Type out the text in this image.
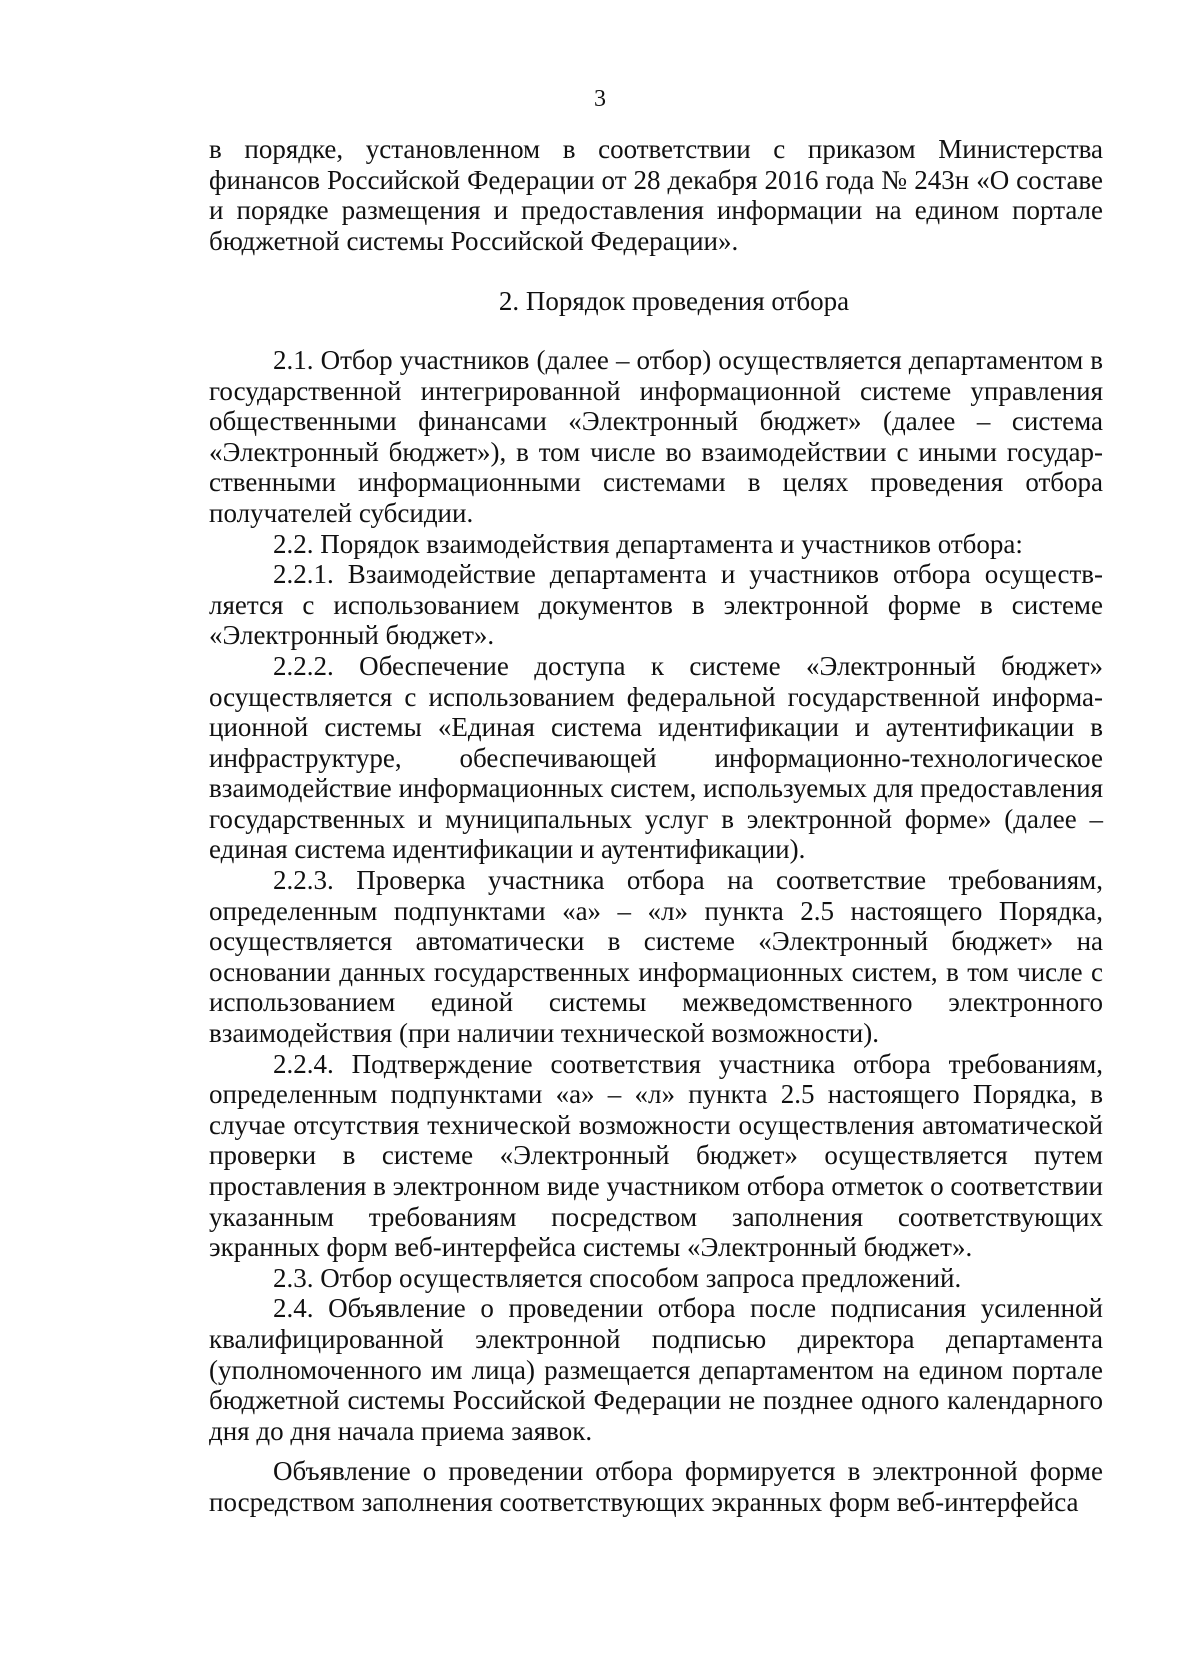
3

в порядке, установленном в соответствии с приказом Министерства финансов Российской Федерации от 28 декабря 2016 года № 243н «О составе и порядке размещения и предоставления информации на едином портале бюджетной системы Российской Федерации».

2. Порядок проведения отбора

2.1. Отбор участников (далее – отбор) осуществляется департаментом в государственной интегрированной информационной системе управления общественными финансами «Электронный бюджет» (далее – система «Электронный бюджет»), в том числе во взаимодействии с иными государственными информационными системами в целях проведения отбора получателей субсидии.

2.2. Порядок взаимодействия департамента и участников отбора:

2.2.1. Взаимодействие департамента и участников отбора осуществляется с использованием документов в электронной форме в системе «Электронный бюджет».

2.2.2. Обеспечение доступа к системе «Электронный бюджет» осуществляется с использованием федеральной государственной информационной системы «Единая система идентификации и аутентификации в инфраструктуре, обеспечивающей информационно-технологическое взаимодействие информационных систем, используемых для предоставления государственных и муниципальных услуг в электронной форме» (далее – единая система идентификации и аутентификации).

2.2.3. Проверка участника отбора на соответствие требованиям, определенным подпунктами «а» – «л» пункта 2.5 настоящего Порядка, осуществляется автоматически в системе «Электронный бюджет» на основании данных государственных информационных систем, в том числе с использованием единой системы межведомственного электронного взаимодействия (при наличии технической возможности).

2.2.4. Подтверждение соответствия участника отбора требованиям, определенным подпунктами «а» – «л» пункта 2.5 настоящего Порядка, в случае отсутствия технической возможности осуществления автоматической проверки в системе «Электронный бюджет» осуществляется путем проставления в электронном виде участником отбора отметок о соответствии указанным требованиям посредством заполнения соответствующих экранных форм веб-интерфейса системы «Электронный бюджет».

2.3. Отбор осуществляется способом запроса предложений.

2.4. Объявление о проведении отбора после подписания усиленной квалифицированной электронной подписью директора департамента (уполномоченного им лица) размещается департаментом на едином портале бюджетной системы Российской Федерации не позднее одного календарного дня до дня начала приема заявок.

Объявление о проведении отбора формируется в электронной форме посредством заполнения соответствующих экранных форм веб-интерфейса
